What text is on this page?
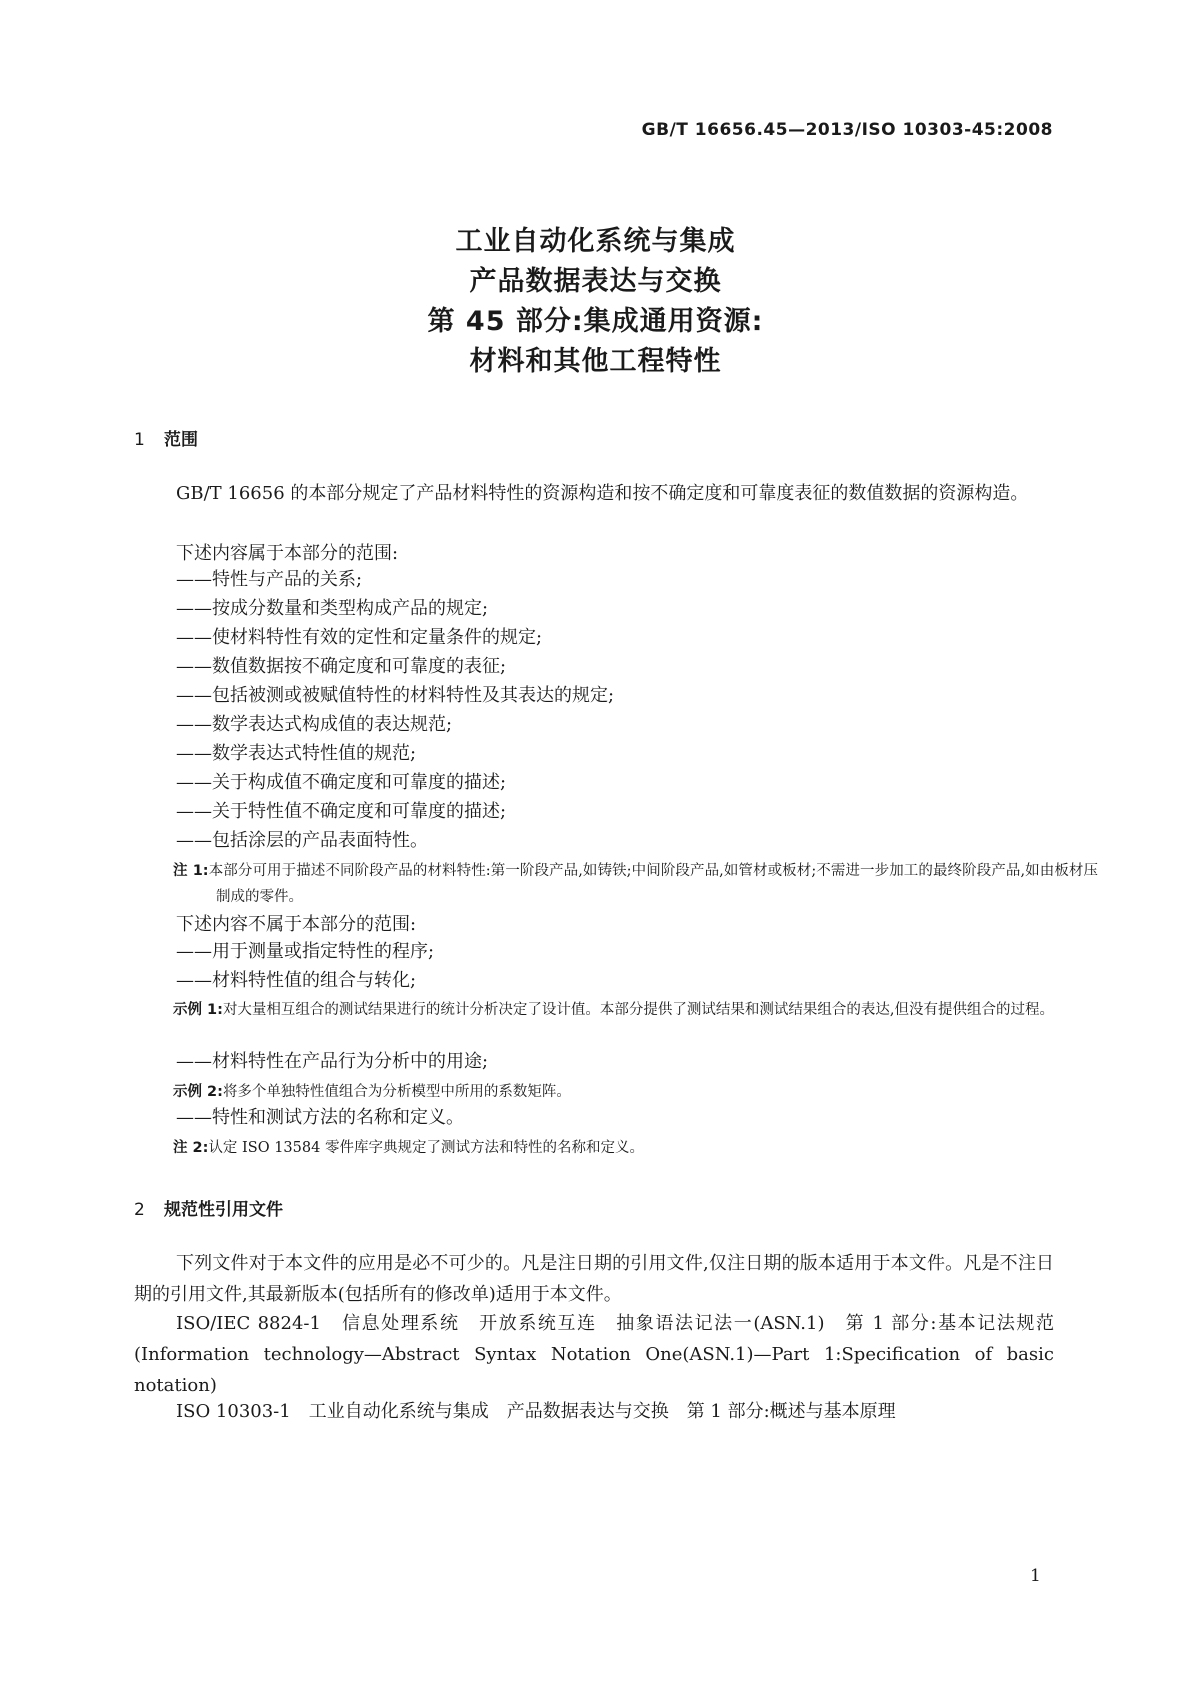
GB/T 16656.45—2013/ISO 10303-45:2008
工业自动化系统与集成
产品数据表达与交换
第 45 部分:集成通用资源:
材料和其他工程特性
1 范围
GB/T 16656 的本部分规定了产品材料特性的资源构造和按不确定度和可靠度表征的数值数据的资源构造。
下述内容属于本部分的范围:
——特性与产品的关系;
——按成分数量和类型构成产品的规定;
——使材料特性有效的定性和定量条件的规定;
——数值数据按不确定度和可靠度的表征;
——包括被测或被赋值特性的材料特性及其表达的规定;
——数学表达式构成值的表达规范;
——数学表达式特性值的规范;
——关于构成值不确定度和可靠度的描述;
——关于特性值不确定度和可靠度的描述;
——包括涂层的产品表面特性。
注 1:本部分可用于描述不同阶段产品的材料特性:第一阶段产品,如铸铁;中间阶段产品,如管材或板材;不需进一步加工的最终阶段产品,如由板材压制成的零件。
下述内容不属于本部分的范围:
——用于测量或指定特性的程序;
——材料特性值的组合与转化;
示例 1:对大量相互组合的测试结果进行的统计分析决定了设计值。本部分提供了测试结果和测试结果组合的表达,但没有提供组合的过程。
——材料特性在产品行为分析中的用途;
示例 2:将多个单独特性值组合为分析模型中所用的系数矩阵。
——特性和测试方法的名称和定义。
注 2:认定 ISO 13584 零件库字典规定了测试方法和特性的名称和定义。
2 规范性引用文件
下列文件对于本文件的应用是必不可少的。凡是注日期的引用文件,仅注日期的版本适用于本文件。凡是不注日期的引用文件,其最新版本(包括所有的修改单)适用于本文件。
ISO/IEC 8824-1　信息处理系统　开放系统互连　抽象语法记法一(ASN.1)　第 1 部分:基本记法规范(Information technology—Abstract Syntax Notation One(ASN.1)—Part 1:Specification of basic notation)
ISO 10303-1　工业自动化系统与集成　产品数据表达与交换　第 1 部分:概述与基本原理
1
